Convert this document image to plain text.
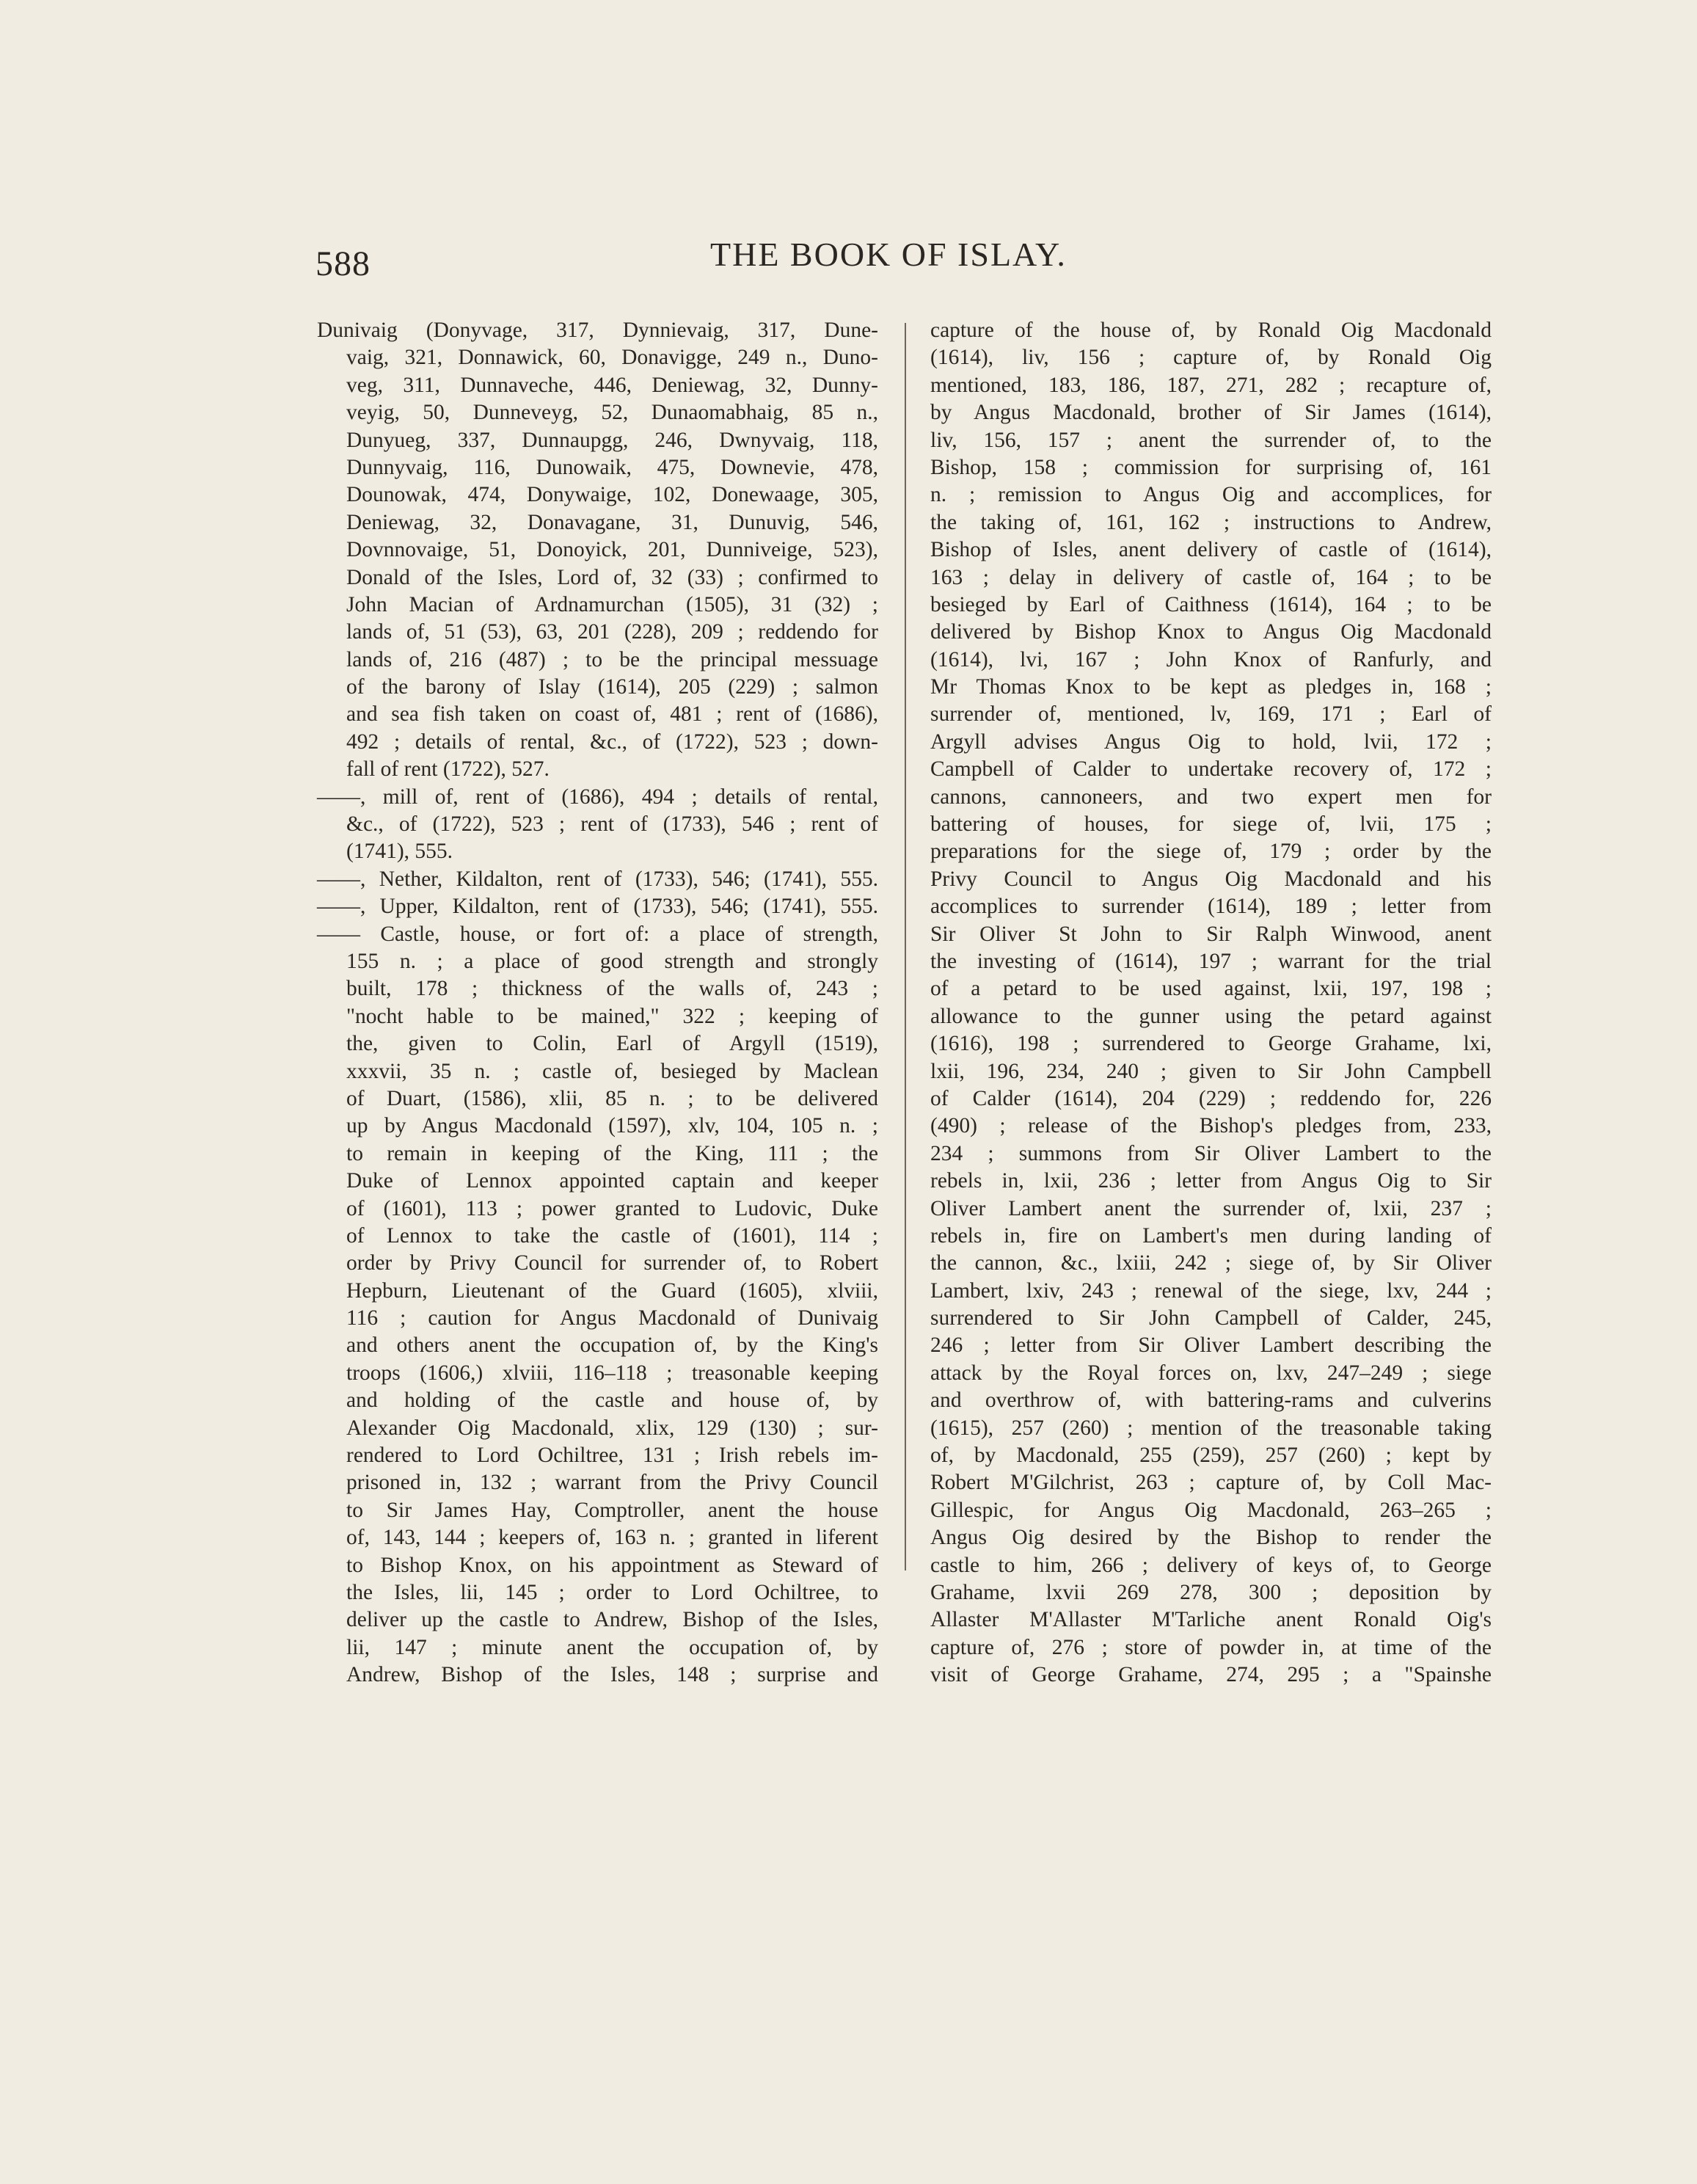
588	THE BOOK OF ISLAY.
Dunivaig (Donyvage, 317, Dynnievaig, 317, Dune-
vaig, 321, Donnawick, 60, Donavigge, 249 n., Duno-
veg, 311, Dunnaveche, 446, Deniewag, 32, Dunny-
veyig, 50, Dunneveyg, 52, Dunaomabhaig, 85 n.,
Dunyueg, 337, Dunnaupgg, 246, Dwnyvaig, 118,
Dunnyvaig, 116, Dunowaik, 475, Downevie, 478,
Dounowak, 474, Donywaige, 102, Donewaage, 305,
Deniewag, 32, Donavagane, 31, Dunuvig, 546,
Dovnnovaige, 51, Donoyick, 201, Dunniveige, 523),
Donald of the Isles, Lord of, 32 (33) ; confirmed to
John Macian of Ardnamurchan (1505), 31 (32) ;
lands of, 51 (53), 63, 201 (228), 209 ; reddendo for
lands of, 216 (487) ; to be the principal messuage
of the barony of Islay (1614), 205 (229) ; salmon
and sea fish taken on coast of, 481 ; rent of (1686),
492 ; details of rental, &c., of (1722), 523 ; down-
fall of rent (1722), 527.
——, mill of, rent of (1686), 494 ; details of rental,
&c., of (1722), 523 ; rent of (1733), 546 ; rent of
(1741), 555.
——, Nether, Kildalton, rent of (1733), 546; (1741), 555.
——, Upper, Kildalton, rent of (1733), 546; (1741), 555.
—— Castle, house, or fort of: a place of strength,
155 n. ; a place of good strength and strongly
built, 178 ; thickness of the walls of, 243 ;
"nocht hable to be mained," 322 ; keeping of
the, given to Colin, Earl of Argyll (1519),
xxxvii, 35 n. ; castle of, besieged by Maclean
of Duart, (1586), xlii, 85 n. ; to be delivered
up by Angus Macdonald (1597), xlv, 104, 105 n. ;
to remain in keeping of the King, 111 ; the
Duke of Lennox appointed captain and keeper
of (1601), 113 ; power granted to Ludovic, Duke
of Lennox to take the castle of (1601), 114 ;
order by Privy Council for surrender of, to Robert
Hepburn, Lieutenant of the Guard (1605), xlviii,
116 ; caution for Angus Macdonald of Dunivaig
and others anent the occupation of, by the King's
troops (1606,) xlviii, 116–118 ; treasonable keeping
and holding of the castle and house of, by
Alexander Oig Macdonald, xlix, 129 (130) ; sur-
rendered to Lord Ochiltree, 131 ; Irish rebels im-
prisoned in, 132 ; warrant from the Privy Council
to Sir James Hay, Comptroller, anent the house
of, 143, 144 ; keepers of, 163 n. ; granted in liferent
to Bishop Knox, on his appointment as Steward of
the Isles, lii, 145 ; order to Lord Ochiltree, to
deliver up the castle to Andrew, Bishop of the Isles,
lii, 147 ; minute anent the occupation of, by
Andrew, Bishop of the Isles, 148 ; surprise and
capture of the house of, by Ronald Oig Macdonald
(1614), liv, 156 ; capture of, by Ronald Oig
mentioned, 183, 186, 187, 271, 282 ; recapture of,
by Angus Macdonald, brother of Sir James (1614),
liv, 156, 157 ; anent the surrender of, to the
Bishop, 158 ; commission for surprising of, 161
n. ; remission to Angus Oig and accomplices, for
the taking of, 161, 162 ; instructions to Andrew,
Bishop of Isles, anent delivery of castle of (1614),
163 ; delay in delivery of castle of, 164 ; to be
besieged by Earl of Caithness (1614), 164 ; to be
delivered by Bishop Knox to Angus Oig Macdonald
(1614), lvi, 167 ; John Knox of Ranfurly, and
Mr Thomas Knox to be kept as pledges in, 168 ;
surrender of, mentioned, lv, 169, 171 ; Earl of
Argyll advises Angus Oig to hold, lvii, 172 ;
Campbell of Calder to undertake recovery of, 172 ;
cannons, cannoneers, and two expert men for
battering of houses, for siege of, lvii, 175 ;
preparations for the siege of, 179 ; order by the
Privy Council to Angus Oig Macdonald and his
accomplices to surrender (1614), 189 ; letter from
Sir Oliver St John to Sir Ralph Winwood, anent
the investing of (1614), 197 ; warrant for the trial
of a petard to be used against, lxii, 197, 198 ;
allowance to the gunner using the petard against
(1616), 198 ; surrendered to George Grahame, lxi,
lxii, 196, 234, 240 ; given to Sir John Campbell
of Calder (1614), 204 (229) ; reddendo for, 226
(490) ; release of the Bishop's pledges from, 233,
234 ; summons from Sir Oliver Lambert to the
rebels in, lxii, 236 ; letter from Angus Oig to Sir
Oliver Lambert anent the surrender of, lxii, 237 ;
rebels in, fire on Lambert's men during landing of
the cannon, &c., lxiii, 242 ; siege of, by Sir Oliver
Lambert, lxiv, 243 ; renewal of the siege, lxv, 244 ;
surrendered to Sir John Campbell of Calder, 245,
246 ; letter from Sir Oliver Lambert describing the
attack by the Royal forces on, lxv, 247–249 ; siege
and overthrow of, with battering-rams and culverins
(1615), 257 (260) ; mention of the treasonable taking
of, by Macdonald, 255 (259), 257 (260) ; kept by
Robert M'Gilchrist, 263 ; capture of, by Coll Mac-
Gillespic, for Angus Oig Macdonald, 263–265 ;
Angus Oig desired by the Bishop to render the
castle to him, 266 ; delivery of keys of, to George
Grahame, lxvii 269 278, 300 ; deposition by
Allaster M'Allaster M'Tarliche anent Ronald Oig's
capture of, 276 ; store of powder in, at time of the
visit of George Grahame, 274, 295 ; a "Spainshe
